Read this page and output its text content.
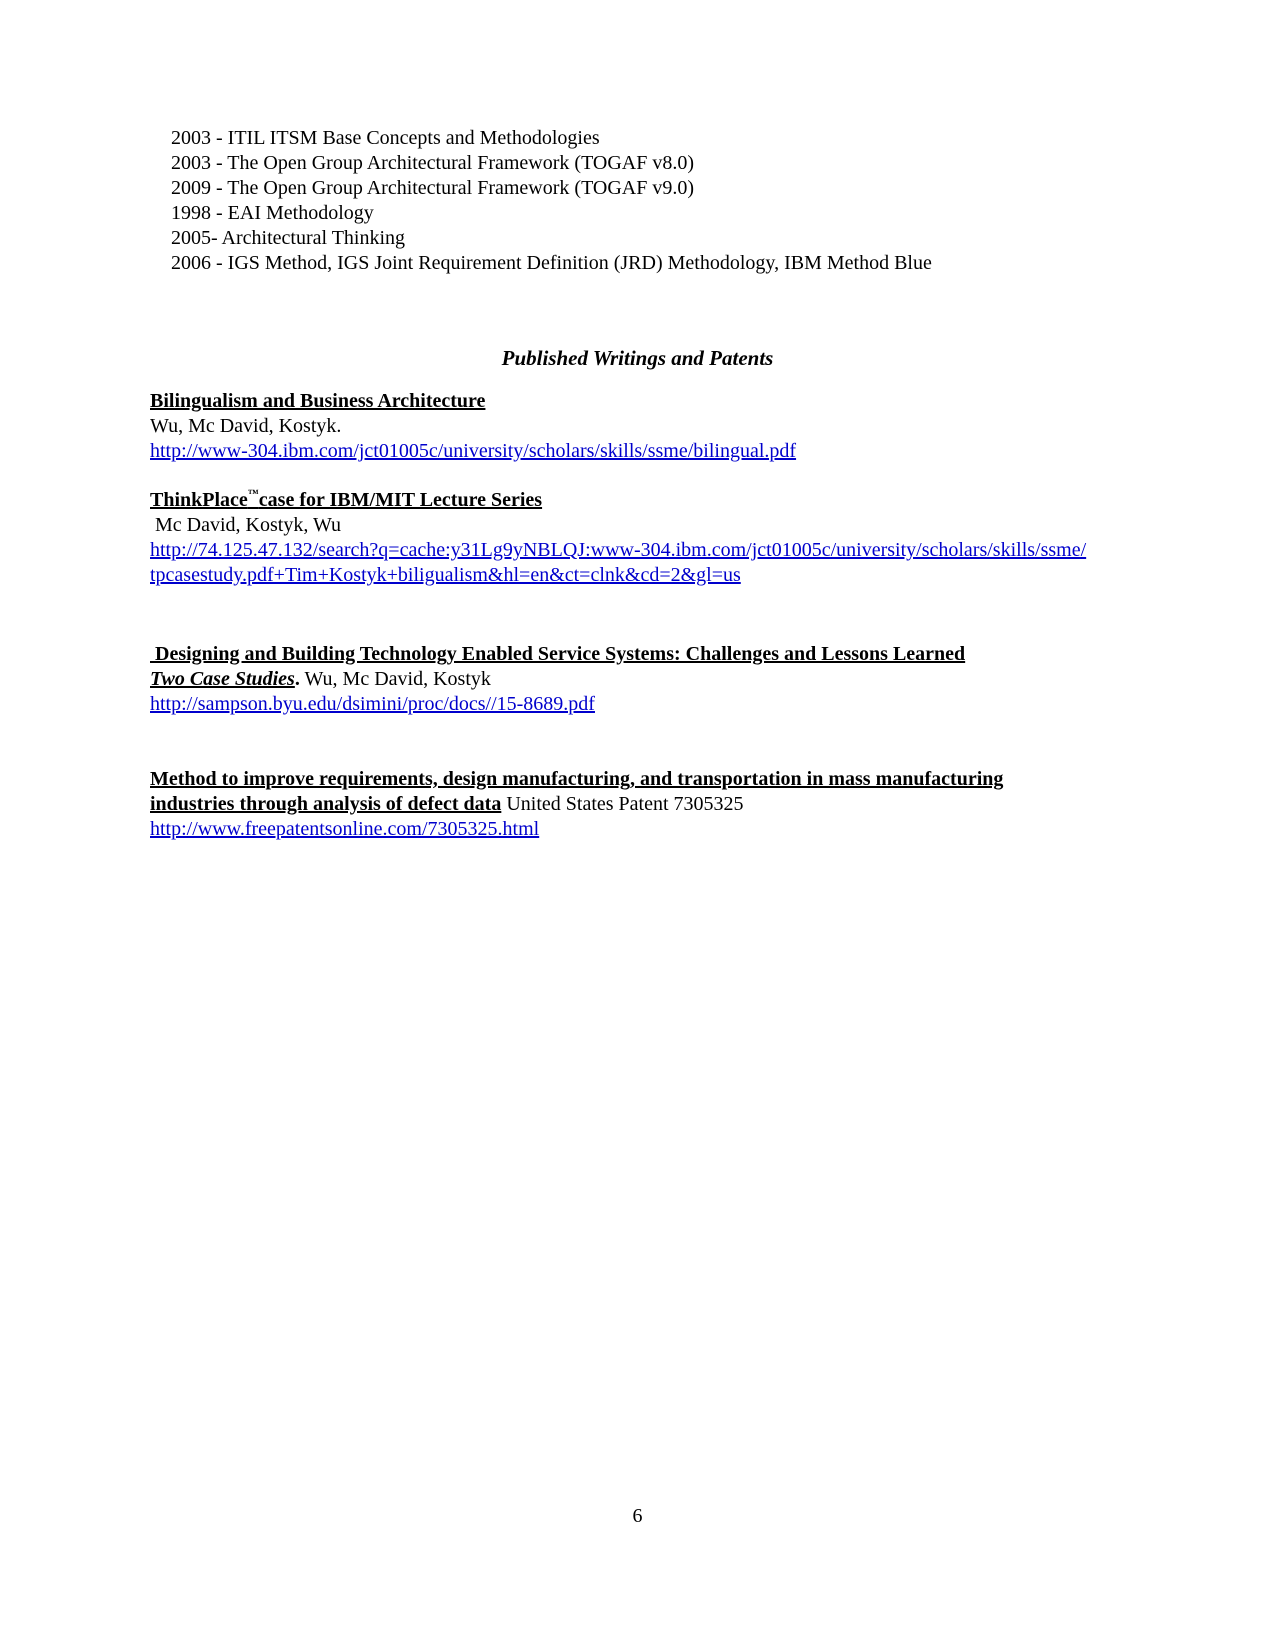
2003 - ITIL ITSM Base Concepts and Methodologies
2003 - The Open Group Architectural Framework (TOGAF v8.0)
2009 - The Open Group Architectural Framework (TOGAF v9.0)
1998 - EAI Methodology
2005- Architectural Thinking
2006 - IGS Method, IGS Joint Requirement Definition (JRD) Methodology, IBM Method Blue
Published Writings and Patents
Bilingualism and Business Architecture
Wu, Mc David, Kostyk.
http://www-304.ibm.com/jct01005c/university/scholars/skills/ssme/bilingual.pdf
ThinkPlace™case for IBM/MIT Lecture Series
Mc David, Kostyk, Wu
http://74.125.47.132/search?q=cache:y31Lg9yNBLQJ:www-304.ibm.com/jct01005c/university/scholars/skills/ssme/
tpcasestudy.pdf+Tim+Kostyk+biligualism&hl=en&ct=clnk&cd=2&gl=us
Designing and Building Technology Enabled Service Systems: Challenges and Lessons Learned
Two Case Studies. Wu, Mc David, Kostyk
http://sampson.byu.edu/dsimini/proc/docs//15-8689.pdf
Method to improve requirements, design manufacturing, and transportation in mass manufacturing
industries through analysis of defect data United States Patent 7305325
http://www.freepatentsonline.com/7305325.html
6
